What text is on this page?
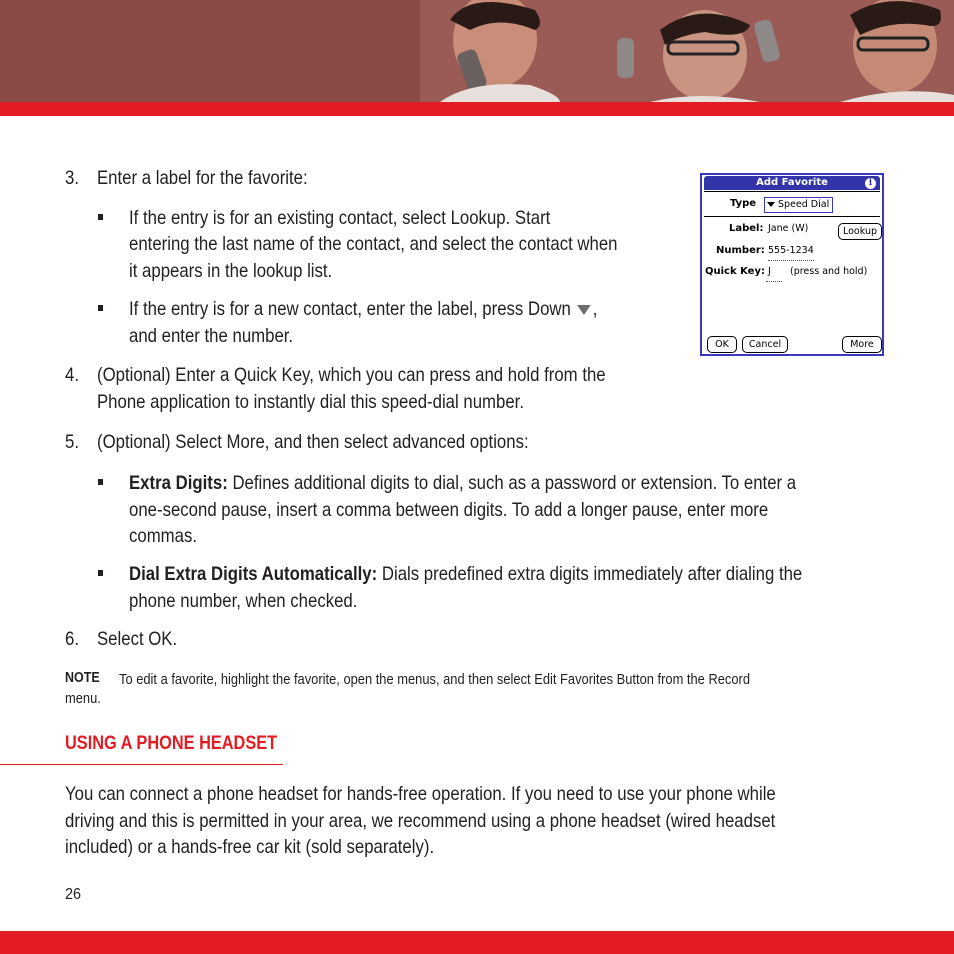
3. Enter a label for the favorite:
If the entry is for an existing contact, select Lookup. Start
entering the last name of the contact, and select the contact when
it appears in the lookup list.
If the entry is for a new contact, enter the label, press Down ,
and enter the number.
4. (Optional) Enter a Quick Key, which you can press and hold from the
Phone application to instantly dial this speed-dial number.
5. (Optional) Select More, and then select advanced options:
Extra Digits: Defines additional digits to dial, such as a password or extension. To enter a
one-second pause, insert a comma between digits. To add a longer pause, enter more
commas.
Dial Extra Digits Automatically: Dials predefined extra digits immediately after dialing the
phone number, when checked.
6. Select OK.
NOTE To edit a favorite, highlight the favorite, open the menus, and then select Edit Favorites Button from the Record
menu.
USING A PHONE HEADSET
You can connect a phone headset for hands-free operation. If you need to use your phone while
driving and this is permitted in your area, we recommend using a phone headset (wired headset
included) or a hands-free car kit (sold separately).
26
Add Favorite	i
Type	Speed Dial
Label: Jane (W)	Lookup
Number: 555-1234
Quick Key: J (press and hold)
OK	Cancel	More
